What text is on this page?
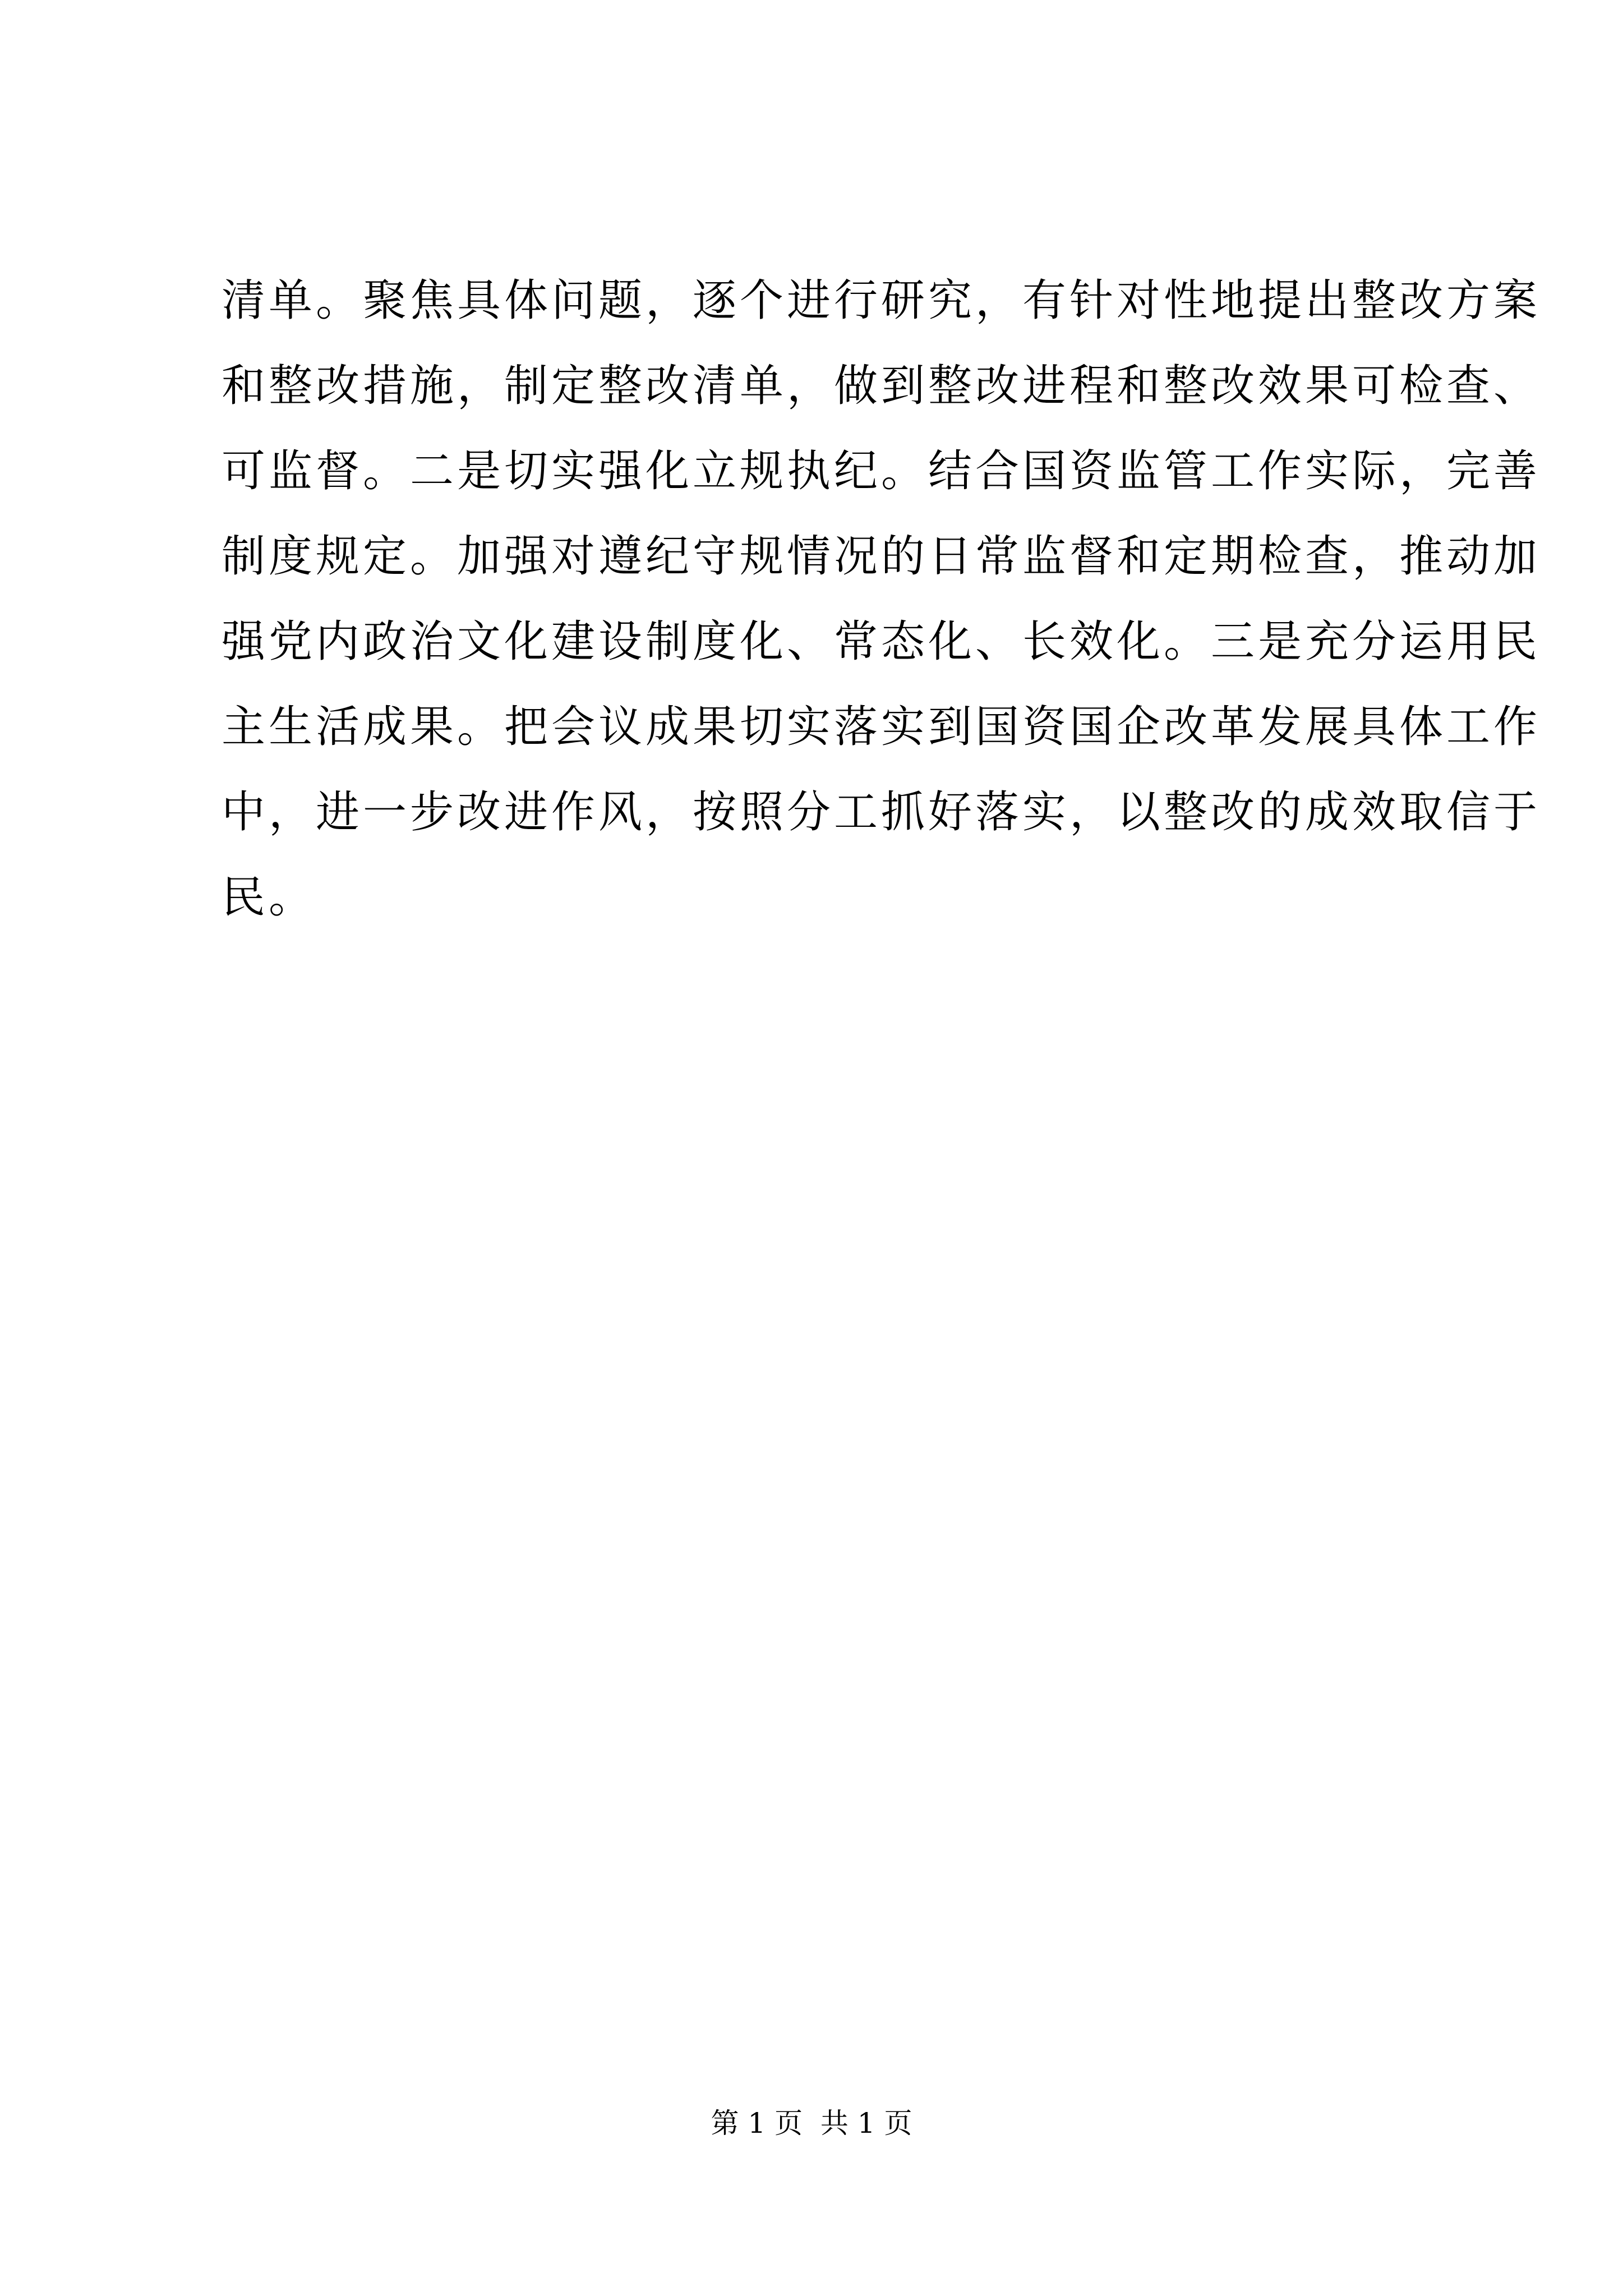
清单。聚焦具体问题，逐个进行研究，有针对性地提出整改方案
和整改措施，制定整改清单，做到整改进程和整改效果可检查、
可监督。二是切实强化立规执纪。结合国资监管工作实际，完善
制度规定。加强对遵纪守规情况的日常监督和定期检查，推动加
强党内政治文化建设制度化、常态化、长效化。三是充分运用民
主生活成果。把会议成果切实落实到国资国企改革发展具体工作
中，进一步改进作风，按照分工抓好落实，以整改的成效取信于
民。
第 1 页  共 1 页
